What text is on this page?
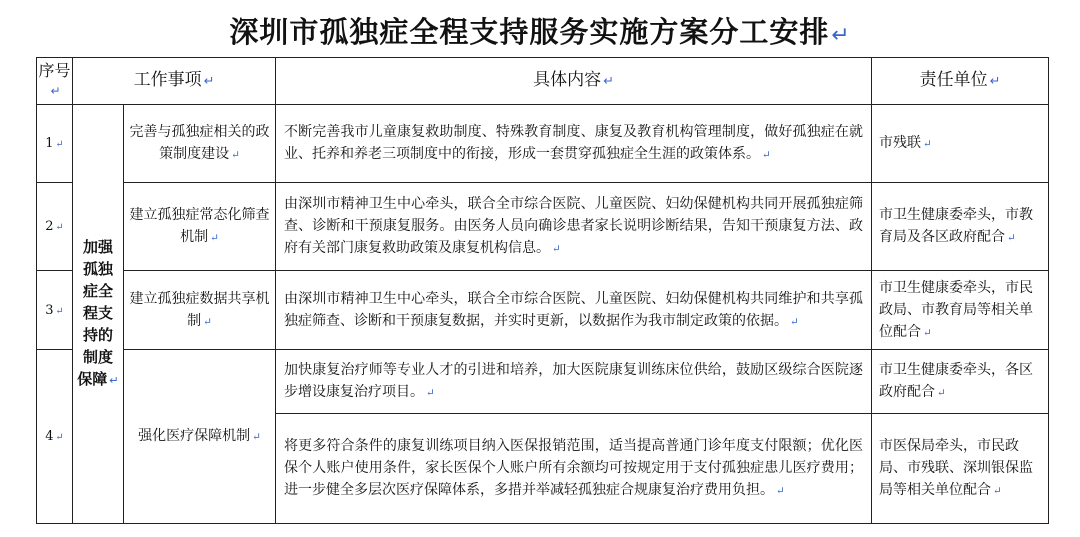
深圳市孤独症全程支持服务实施方案分工安排↵
序号↵	工作事项 ↵		具体内容 ↵	责任单位 ↵
1 ↵	加强孤独症全程支持的制度保障 ↵	完善与孤独症相关的政策制度建设 ↵	不断完善我市儿童康复救助制度、特殊教育制度、康复及教育机构管理制度，做好孤独症在就业、托养和养老三项制度中的衔接，形成一套贯穿孤独症全生涯的政策体系。 ↵	市残联 ↵
2 ↵		建立孤独症常态化筛查机制 ↵	由深圳市精神卫生中心牵头，联合全市综合医院、儿童医院、妇幼保健机构共同开展孤独症筛查、诊断和干预康复服务。由医务人员向确诊患者家长说明诊断结果，告知干预康复方法、政府有关部门康复救助政策及康复机构信息。 ↵	市卫生健康委牵头，市教育局及各区政府配合 ↵
3 ↵		建立孤独症数据共享机制 ↵	由深圳市精神卫生中心牵头，联合全市综合医院、儿童医院、妇幼保健机构共同维护和共享孤独症筛查、诊断和干预康复数据，并实时更新，以数据作为我市制定政策的依据。 ↵	市卫生健康委牵头，市民政局、市教育局等相关单位配合 ↵
4 ↵		强化医疗保障机制 ↵	加快康复治疗师等专业人才的引进和培养，加大医院康复训练床位供给，鼓励区级综合医院逐步增设康复治疗项目。 ↵	市卫生健康委牵头，各区政府配合 ↵
			将更多符合条件的康复训练项目纳入医保报销范围，适当提高普通门诊年度支付限额；优化医保个人账户使用条件，家长医保个人账户所有余额均可按规定用于支付孤独症患儿医疗费用；进一步健全多层次医疗保障体系，多措并举减轻孤独症合规康复治疗费用负担。 ↵	市医保局牵头，市民政局、市残联、深圳银保监局等相关单位配合 ↵
